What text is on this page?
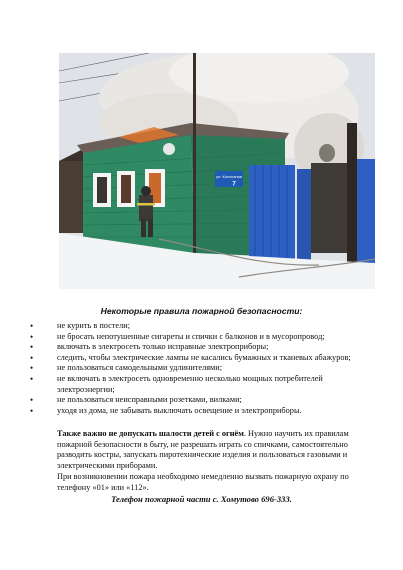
ул. Колхозная
7
Некоторые правила пожарной безопасности:
• не курить в постели;
• не бросать непотушенные сигареты и спички с балконов и в мусоропровод;
• включать в электросеть только исправные электроприборы;
• следить, чтобы электрические лампы не касались бумажных и тканевых абажуров;
• не пользоваться самодельными удлинителями;
• не включать в электросеть одновременно несколько мощных потребителей электроэнергии;
• не пользоваться неисправными розетками, вилками;
• уходя из дома, не забывать выключать освещение и электроприборы.

Также важно не допускать шалости детей с огнём. Нужно научить их правилам пожарной безопасности в быту, не разрешать играть со спичками, самостоятельно разводить костры, запускать пиротехнические изделия и пользоваться газовыми и электрическими приборами.

При возникновении пожара необходимо немедленно вызвать пожарную охрану по телефону «01» или «112».

Телефон пожарной части с. Хомутово 696-333.
